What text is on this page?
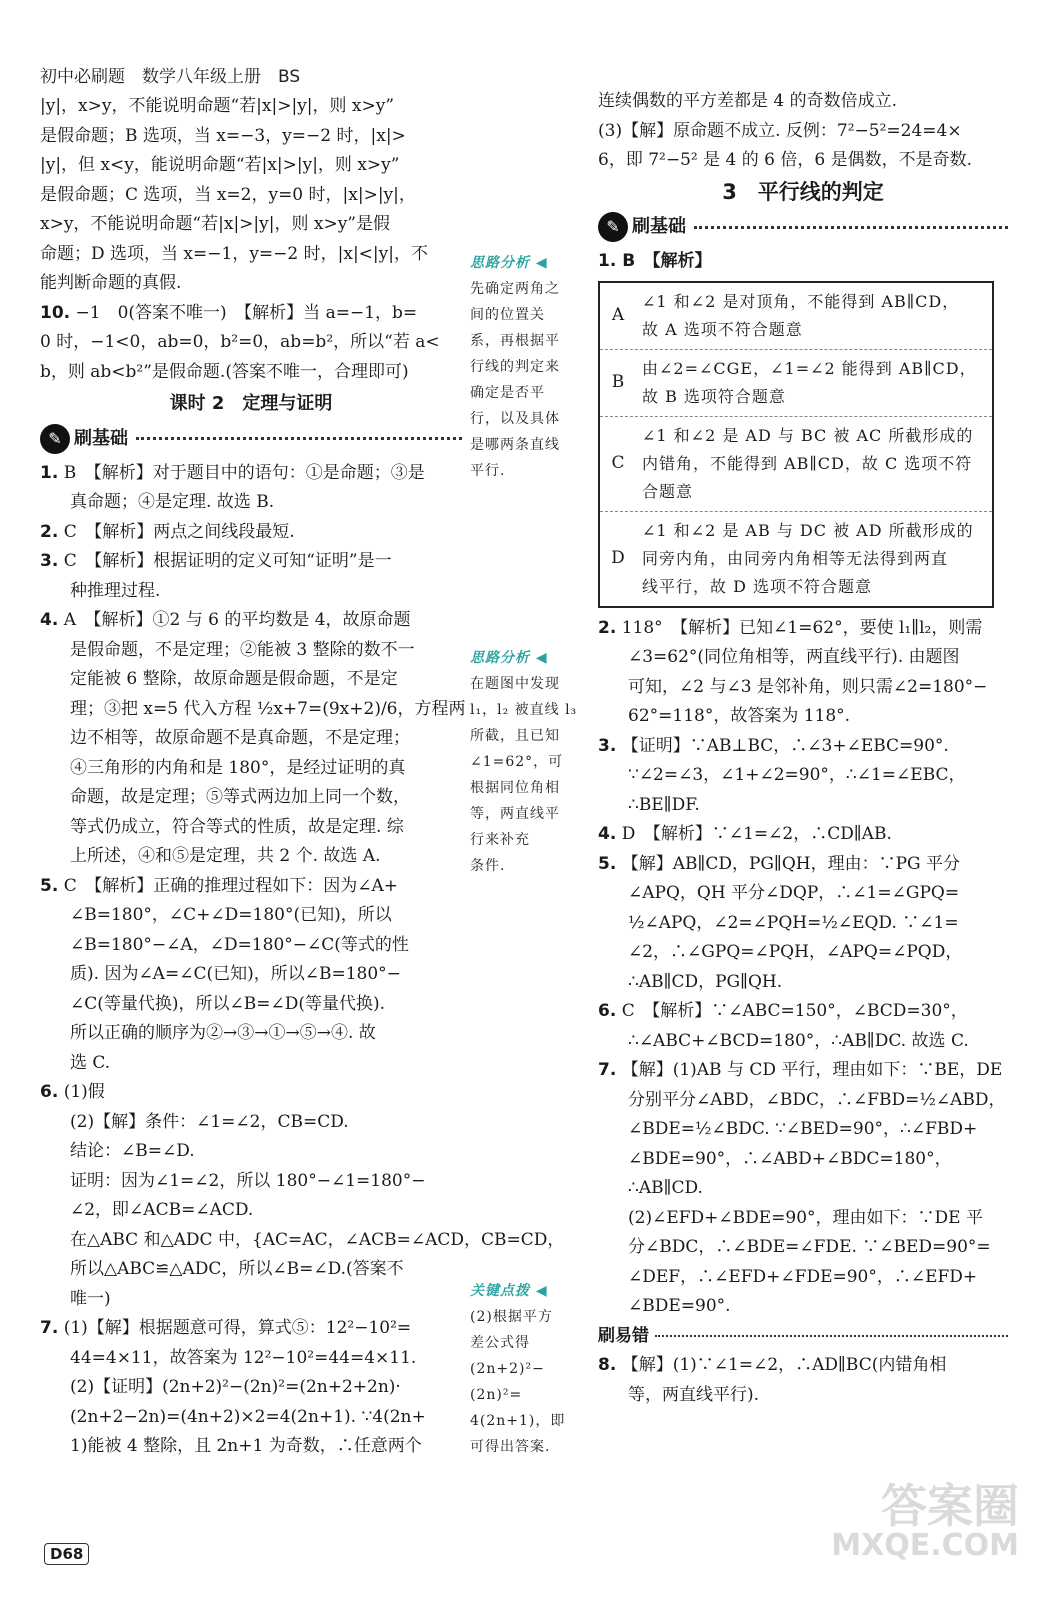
初中必刷题　数学八年级上册　BS
|y|，x>y，不能说明命题“若|x|>|y|，则 x>y”
是假命题；B 选项，当 x=−3，y=−2 时，|x|>
|y|，但 x<y，能说明命题“若|x|>|y|，则 x>y”
是假命题；C 选项，当 x=2，y=0 时，|x|>|y|，
x>y，不能说明命题“若|x|>|y|，则 x>y”是假
命题；D 选项，当 x=−1，y=−2 时，|x|<|y|，不
能判断命题的真假.
10. −1　0(答案不唯一)　【解析】当 a=−1，b=
0 时，−1<0，ab=0，b²=0，ab=b²，所以“若 a<
b，则 ab<b²”是假命题.(答案不唯一，合理即可)
课时 2　定理与证明
✎ 刷基础
1. B　【解析】对于题目中的语句：①是命题；③是
真命题；④是定理. 故选 B.
2. C　【解析】两点之间线段最短.
3. C　【解析】根据证明的定义可知“证明”是一
种推理过程.
4. A　【解析】①2 与 6 的平均数是 4，故原命题
是假命题，不是定理；②能被 3 整除的数不一
定能被 6 整除，故原命题是假命题，不是定
理；③把 x=5 代入方程 ½x+7=(9x+2)/6，方程两
边不相等，故原命题不是真命题，不是定理；
④三角形的内角和是 180°，是经过证明的真
命题，故是定理；⑤等式两边加上同一个数，
等式仍成立，符合等式的性质，故是定理. 综
上所述，④和⑤是定理，共 2 个. 故选 A.
5. C　【解析】正确的推理过程如下：因为∠A+
∠B=180°，∠C+∠D=180°(已知)，所以
∠B=180°−∠A，∠D=180°−∠C(等式的性
质). 因为∠A=∠C(已知)，所以∠B=180°−
∠C(等量代换)，所以∠B=∠D(等量代换).
所以正确的顺序为②→③→①→⑤→④. 故
选 C.
6. (1)假
(2)【解】条件：∠1=∠2，CB=CD.
结论：∠B=∠D.
证明：因为∠1=∠2，所以 180°−∠1=180°−
∠2，即∠ACB=∠ACD.
在△ABC 和△ADC 中，{AC=AC，∠ACB=∠ACD，CB=CD，
所以△ABC≌△ADC，所以∠B=∠D.(答案不
唯一)
7. (1)【解】根据题意可得，算式⑤：12²−10²=
44=4×11，故答案为 12²−10²=44=4×11.
(2)【证明】(2n+2)²−(2n)²=(2n+2+2n)·
(2n+2−2n)=(4n+2)×2=4(2n+1). ∵4(2n+
1)能被 4 整除，且 2n+1 为奇数，∴任意两个
思路分析 ◀
先确定两角之
间的位置关
系，再根据平
行线的判定来
确定是否平
行，以及具体
是哪两条直线
平行.
思路分析 ◀
在题图中发现
l₁，l₂ 被直线 l₃
所截，且已知
∠1=62°，可
根据同位角相
等，两直线平
行来补充
条件.
关键点拨 ◀
(2)根据平方
差公式得
(2n+2)²−
(2n)²=
4(2n+1)，即
可得出答案.
连续偶数的平方差都是 4 的奇数倍成立.
(3)【解】原命题不成立. 反例：7²−5²=24=4×
6，即 7²−5² 是 4 的 6 倍，6 是偶数，不是奇数.
3　平行线的判定
✎ 刷基础
1. B　【解析】
A
∠1 和∠2 是对顶角，不能得到 AB∥CD，
故 A 选项不符合题意
B
由∠2=∠CGE，∠1=∠2 能得到 AB∥CD，
故 B 选项符合题意
C
∠1 和∠2 是 AD 与 BC 被 AC 所截形成的
内错角，不能得到 AB∥CD，故 C 选项不符
合题意
D
∠1 和∠2 是 AB 与 DC 被 AD 所截形成的
同旁内角，由同旁内角相等无法得到两直
线平行，故 D 选项不符合题意
2. 118°　【解析】已知∠1=62°，要使 l₁∥l₂，则需
∠3=62°(同位角相等，两直线平行). 由题图
可知，∠2 与∠3 是邻补角，则只需∠2=180°−
62°=118°，故答案为 118°.
3. 【证明】∵AB⊥BC，∴∠3+∠EBC=90°.
∵∠2=∠3，∠1+∠2=90°，∴∠1=∠EBC，
∴BE∥DF.
4. D　【解析】∵∠1=∠2，∴CD∥AB.
5. 【解】AB∥CD，PG∥QH，理由：∵PG 平分
∠APQ，QH 平分∠DQP，∴∠1=∠GPQ=
½∠APQ，∠2=∠PQH=½∠EQD. ∵∠1=
∠2，∴∠GPQ=∠PQH，∠APQ=∠PQD，
∴AB∥CD，PG∥QH.
6. C　【解析】∵∠ABC=150°，∠BCD=30°，
∴∠ABC+∠BCD=180°，∴AB∥DC. 故选 C.
7. 【解】(1)AB 与 CD 平行，理由如下：∵BE，DE
分别平分∠ABD，∠BDC，∴∠FBD=½∠ABD，
∠BDE=½∠BDC. ∵∠BED=90°，∴∠FBD+
∠BDE=90°，∴∠ABD+∠BDC=180°，
∴AB∥CD.
(2)∠EFD+∠BDE=90°，理由如下：∵DE 平
分∠BDC，∴∠BDE=∠FDE. ∵∠BED=90°=
∠DEF，∴∠EFD+∠FDE=90°，∴∠EFD+
∠BDE=90°.
刷易错
8. 【解】(1)∵∠1=∠2，∴AD∥BC(内错角相
等，两直线平行).
D68
答案圈
MXQE.COM
